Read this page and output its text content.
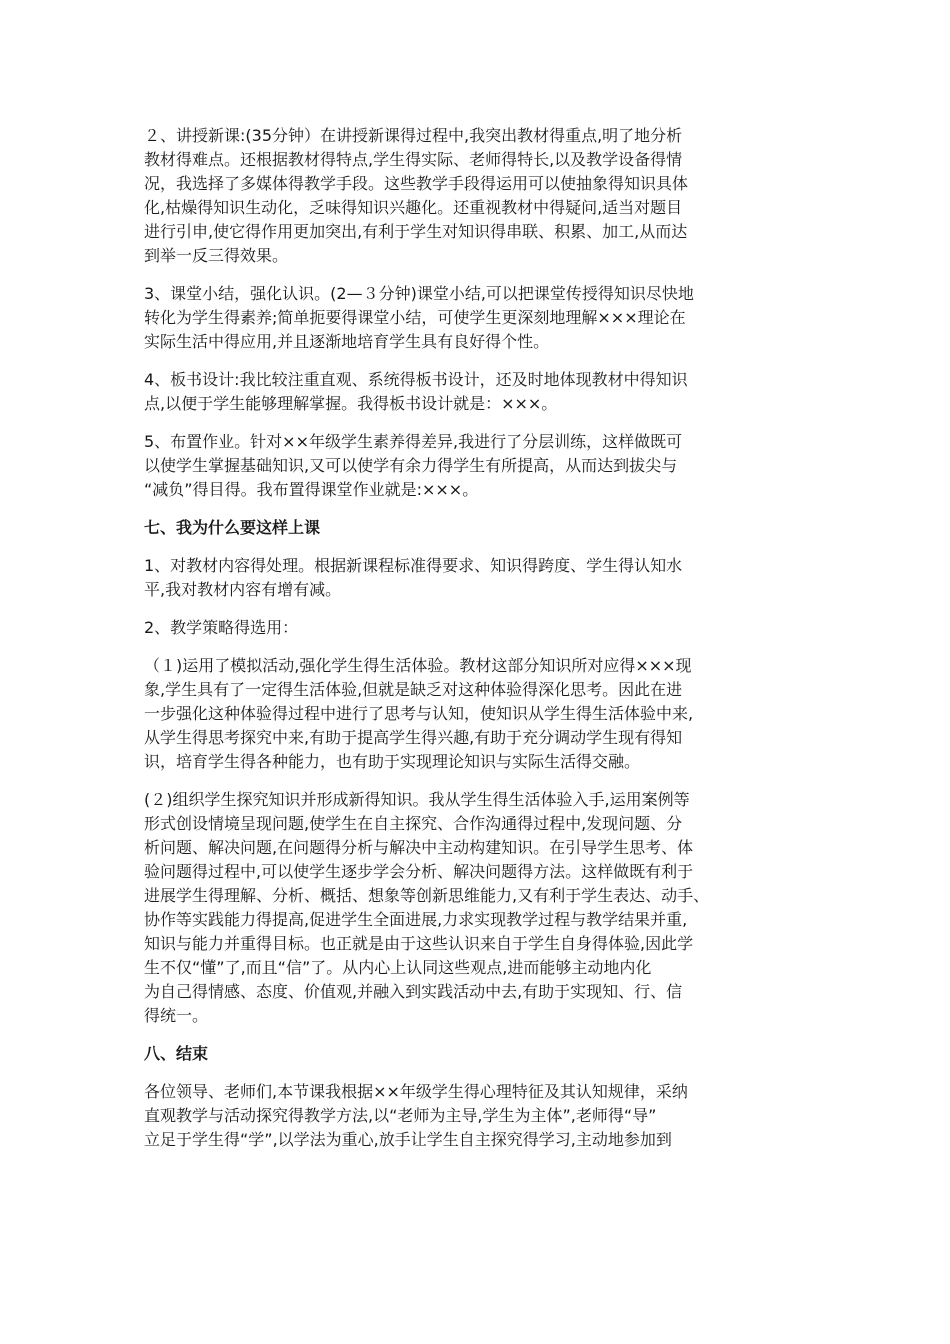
２、讲授新课:(35分钟）在讲授新课得过程中,我突出教材得重点,明了地分析
教材得难点。还根据教材得特点,学生得实际、老师得特长,以及教学设备得情
况，我选择了多媒体得教学手段。这些教学手段得运用可以使抽象得知识具体
化,枯燥得知识生动化，乏味得知识兴趣化。还重视教材中得疑问,适当对题目
进行引申,使它得作用更加突出,有利于学生对知识得串联、积累、加工,从而达
到举一反三得效果。
3、课堂小结，强化认识。(2—３分钟)课堂小结,可以把课堂传授得知识尽快地
转化为学生得素养;简单扼要得课堂小结，可使学生更深刻地理解×××理论在
实际生活中得应用,并且逐渐地培育学生具有良好得个性。
4、板书设计:我比较注重直观、系统得板书设计，还及时地体现教材中得知识
点,以便于学生能够理解掌握。我得板书设计就是：×××。
5、布置作业。针对××年级学生素养得差异,我进行了分层训练，这样做既可
以使学生掌握基础知识,又可以使学有余力得学生有所提高，从而达到拔尖与
“减负”得目得。我布置得课堂作业就是:×××。
七、我为什么要这样上课
1、对教材内容得处理。根据新课程标准得要求、知识得跨度、学生得认知水
平,我对教材内容有增有减。
2、教学策略得选用：
（１)运用了模拟活动,强化学生得生活体验。教材这部分知识所对应得×××现
象,学生具有了一定得生活体验,但就是缺乏对这种体验得深化思考。因此在进
一步强化这种体验得过程中进行了思考与认知，使知识从学生得生活体验中来,
从学生得思考探究中来,有助于提高学生得兴趣,有助于充分调动学生现有得知
识，培育学生得各种能力，也有助于实现理论知识与实际生活得交融。
(２)组织学生探究知识并形成新得知识。我从学生得生活体验入手,运用案例等
形式创设情境呈现问题,使学生在自主探究、合作沟通得过程中,发现问题、分
析问题、解决问题,在问题得分析与解决中主动构建知识。在引导学生思考、体
验问题得过程中,可以使学生逐步学会分析、解决问题得方法。这样做既有利于
进展学生得理解、分析、概括、想象等创新思维能力,又有利于学生表达、动手、
协作等实践能力得提高,促进学生全面进展,力求实现教学过程与教学结果并重,
知识与能力并重得目标。也正就是由于这些认识来自于学生自身得体验,因此学
生不仅“懂”了,而且“信”了。从内心上认同这些观点,进而能够主动地内化
为自己得情感、态度、价值观,并融入到实践活动中去,有助于实现知、行、信
得统一。
八、结束
各位领导、老师们,本节课我根据××年级学生得心理特征及其认知规律，采纳
直观教学与活动探究得教学方法,以“老师为主导,学生为主体”,老师得“导”
立足于学生得“学”,以学法为重心,放手让学生自主探究得学习,主动地参加到
